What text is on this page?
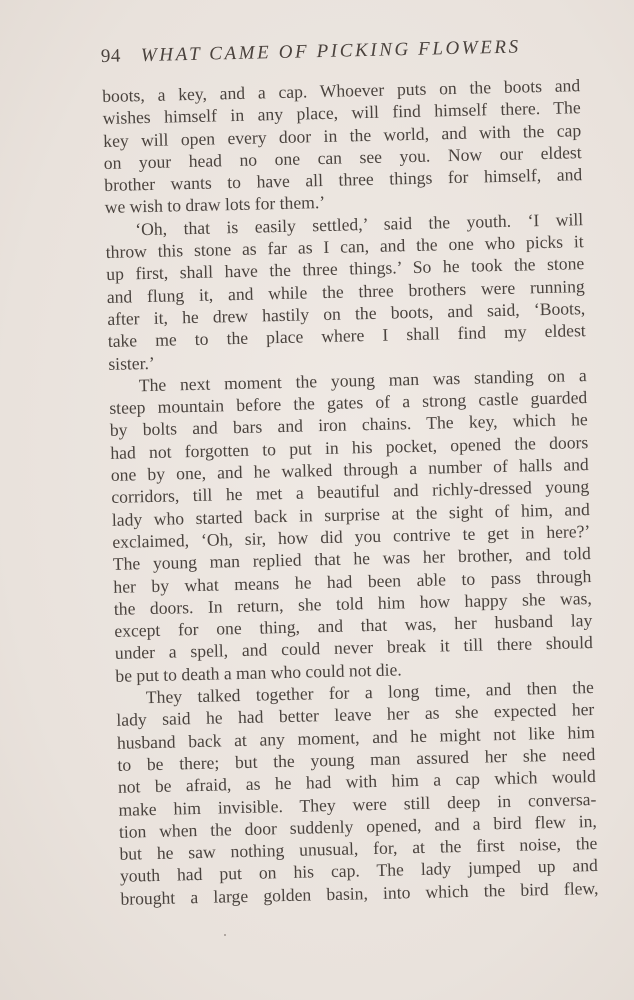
94 WHAT CAME OF PICKING FLOWERS
boots, a key, and a cap. Whoever puts on the boots and
wishes himself in any place, will find himself there. The
key will open every door in the world, and with the cap
on your head no one can see you. Now our eldest
brother wants to have all three things for himself, and
we wish to draw lots for them.’
‘Oh, that is easily settled,’ said the youth. ‘I will
throw this stone as far as I can, and the one who picks it
up first, shall have the three things.’ So he took the stone
and flung it, and while the three brothers were running
after it, he drew hastily on the boots, and said, ‘Boots,
take me to the place where I shall find my eldest
sister.’
The next moment the young man was standing on a
steep mountain before the gates of a strong castle guarded
by bolts and bars and iron chains. The key, which he
had not forgotten to put in his pocket, opened the doors
one by one, and he walked through a number of halls and
corridors, till he met a beautiful and richly-dressed young
lady who started back in surprise at the sight of him, and
exclaimed, ‘Oh, sir, how did you contrive te get in here?’
The young man replied that he was her brother, and told
her by what means he had been able to pass through
the doors. In return, she told him how happy she was,
except for one thing, and that was, her husband lay
under a spell, and could never break it till there should
be put to death a man who could not die.
They talked together for a long time, and then the
lady said he had better leave her as she expected her
husband back at any moment, and he might not like him
to be there; but the young man assured her she need
not be afraid, as he had with him a cap which would
make him invisible. They were still deep in conversa-
tion when the door suddenly opened, and a bird flew in,
but he saw nothing unusual, for, at the first noise, the
youth had put on his cap. The lady jumped up and
brought a large golden basin, into which the bird flew,
